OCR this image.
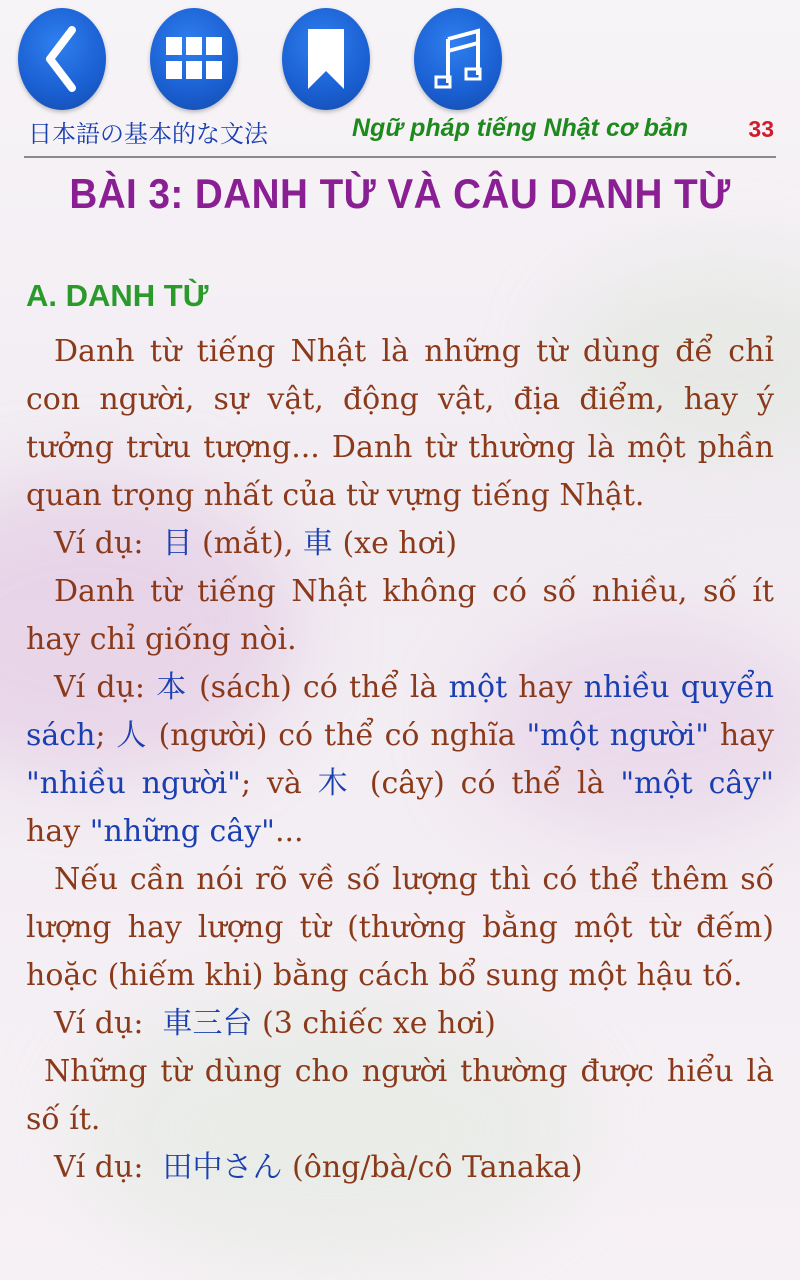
日本語の基本的な文法	Ngữ pháp tiếng Nhật cơ bản	33
BÀI 3: DANH TỪ VÀ CÂU DANH TỪ
A. DANH TỪ

Danh từ tiếng Nhật là những từ dùng để chỉ con người, sự vật, động vật, địa điểm, hay ý tưởng trừu tượng... Danh từ thường là một phần quan trọng nhất của từ vựng tiếng Nhật.

Ví dụ: 目 (mắt), 車 (xe hơi)

Danh từ tiếng Nhật không có số nhiều, số ít hay chỉ giống nòi.

Ví dụ: 本 (sách) có thể là một hay nhiều quyển sách; 人 (người) có thể có nghĩa "một người" hay "nhiều người"; và 木 (cây) có thể là "một cây" hay "những cây"...

Nếu cần nói rõ về số lượng thì có thể thêm số lượng hay lượng từ (thường bằng một từ đếm) hoặc (hiếm khi) bằng cách bổ sung một hậu tố.

Ví dụ: 車三台 (3 chiếc xe hơi)

Những từ dùng cho người thường được hiểu là số ít.

Ví dụ: 田中さん (ông/bà/cô Tanaka)
